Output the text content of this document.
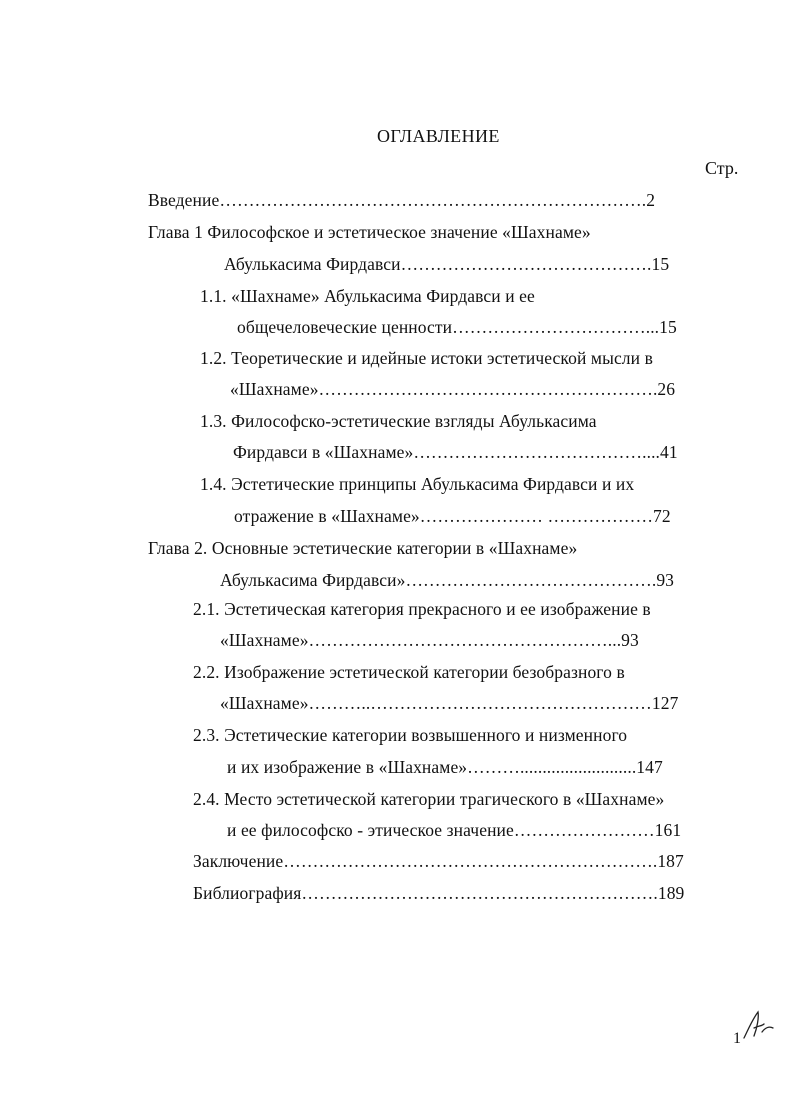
ОГЛАВЛЕНИЕ
Стр.
Введение……………………………………………………………….2
Глава 1 Философское и эстетическое значение «Шахнаме»
Абулькасима Фирдавси…………………………………….15
1.1. «Шахнаме» Абулькасима Фирдавси и ее
общечеловеческие ценности……………………………...15
1.2. Теоретические и идейные истоки эстетической мысли в
«Шахнаме»………………………………………………….26
1.3. Философско-эстетические взгляды Абулькасима
Фирдавси в «Шахнаме»…………………………………....41
1.4. Эстетические принципы Абулькасима Фирдавси и их
отражение в «Шахнаме»………………… ………………72
Глава 2. Основные эстетические категории в «Шахнаме»
Абулькасима Фирдавси»…………………………………….93
2.1. Эстетическая категория прекрасного и ее изображение в
«Шахнаме»……………………………………………...93
2.2. Изображение эстетической категории безобразного в
«Шахнаме»………..…………………………………………127
2.3. Эстетические категории возвышенного и низменного
и их изображение в «Шахнаме»………..........................147
2.4. Место эстетической категории трагического в «Шахнаме»
и ее философско - этическое значение……………………161
Заключение……………………………………………………….187
Библиография…………………………………………………….189
1
